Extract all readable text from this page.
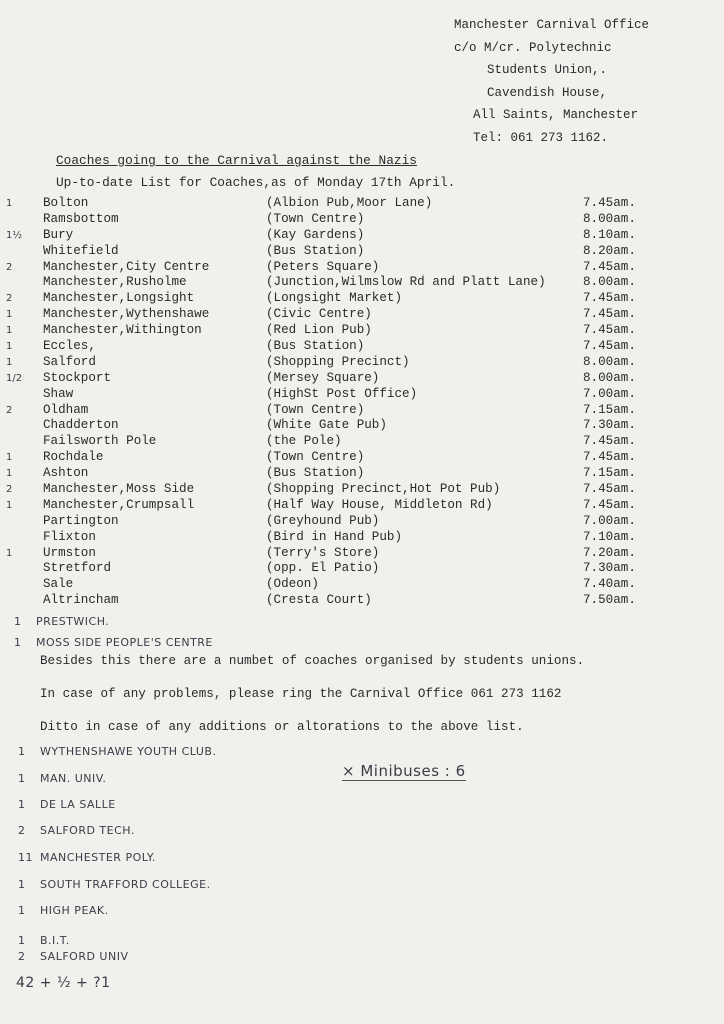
Manchester Carnival Office
c/o M/cr. Polytechnic
Students Union,.
Cavendish House,
All Saints, Manchester
Tel: 061 273 1162.
Coaches going to the Carnival against the Nazis
Up-to-date List for Coaches,as of Monday 17th April.
1	Bolton	(Albion Pub,Moor Lane)	7.45am.
Ramsbottom	(Town Centre)	8.00am.
1½	Bury	(Kay Gardens)	8.10am.
Whitefield	(Bus Station)	8.20am.
2	Manchester,City Centre	(Peters Square)	7.45am.
Manchester,Rusholme	(Junction,Wilmslow Rd and Platt Lane)	8.00am.
2	Manchester,Longsight	(Longsight Market)	7.45am.
1	Manchester,Wythenshawe	(Civic Centre)	7.45am.
1	Manchester,Withington	(Red Lion Pub)	7.45am.
1	Eccles,	(Bus Station)	7.45am.
1	Salford	(Shopping Precinct)	8.00am.
1/2	Stockport	(Mersey Square)	8.00am.
Shaw	(HighSt Post Office)	7.00am.
2	Oldham	(Town Centre)	7.15am.
Chadderton	(White Gate Pub)	7.30am.
Failsworth Pole	(the Pole)	7.45am.
1	Rochdale	(Town Centre)	7.45am.
1	Ashton	(Bus Station)	7.15am.
2	Manchester,Moss Side	(Shopping Precinct,Hot Pot Pub)	7.45am.
1	Manchester,Crumpsall	(Half Way House, Middleton Rd)	7.45am.
Partington	(Greyhound Pub)	7.00am.
Flixton	(Bird in Hand Pub)	7.10am.
1	Urmston	(Terry's Store)	7.20am.
Stretford	(opp. El Patio)	7.30am.
Sale	(Odeon)	7.40am.
Altrincham	(Cresta Court)	7.50am.
1 PRESTWICH.
1 MOSS SIDE PEOPLE'S CENTRE
Besides this there are a numbet of coaches organised by students unions.
In case of any problems, please ring the Carnival Office 061 273 1162
Ditto in case of any additions or altorations to the above list.
1 WYTHENSHAWE YOUTH CLUB.
1 MAN. UNIV.
1 DE LA SALLE
2 SALFORD TECH.
11 MANCHESTER POLY.
1 SOUTH TRAFFORD COLLEGE.
1 HIGH PEAK.
1 B.I.T.
2 SALFORD UNIV
× Minibuses : 6
42 + ½ + ?1
